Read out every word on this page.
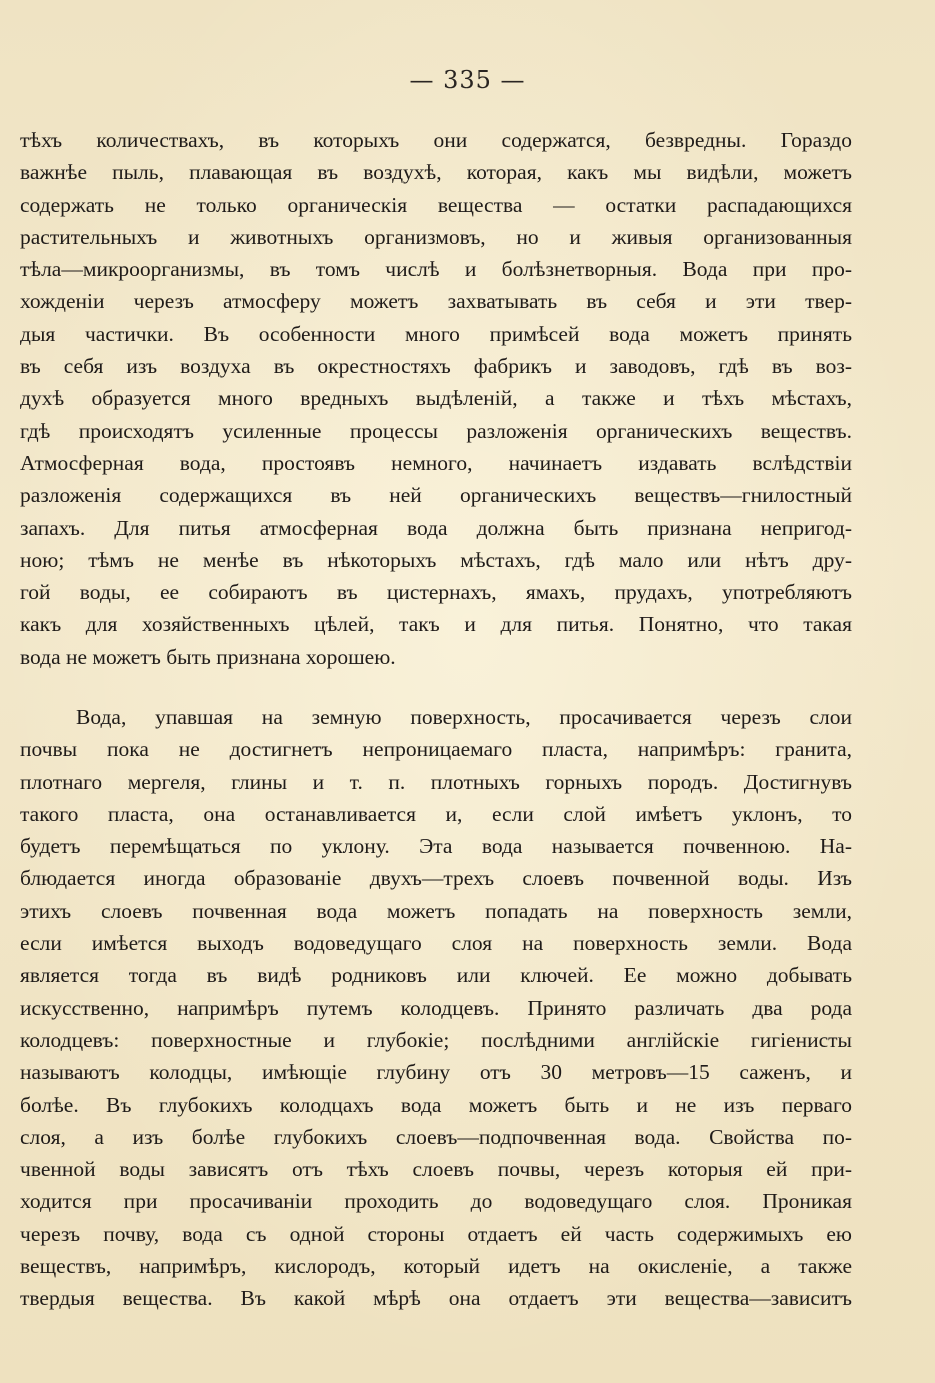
— 335 —
тѣхъ количествахъ, въ которыхъ они содержатся, безвредны. Гораздо
важнѣе пыль, плавающая въ воздухѣ, которая, какъ мы видѣли, можетъ
содержать не только органическія вещества — остатки распадающихся
растительныхъ и животныхъ организмовъ, но и живыя организованныя
тѣла—микроорганизмы, въ томъ числѣ и болѣзнетворныя. Вода при про-
хожденiи черезъ атмосферу можетъ захватывать въ себя и эти твер-
дыя частички. Въ особенности много примѣсей вода можетъ принять
въ себя изъ воздуха въ окрестностяхъ фабрикъ и заводовъ, гдѣ въ воз-
духѣ образуется много вредныхъ выдѣленій, а также и тѣхъ мѣстахъ,
гдѣ происходятъ усиленные процессы разложенія органическихъ веществъ.
Атмосферная вода, простоявъ немного, начинаетъ издавать вслѣдствіи
разложенія содержащихся въ ней органическихъ веществъ—гнилостный
запахъ. Для питья атмосферная вода должна быть признана непригод-
ною; тѣмъ не менѣе въ нѣкоторыхъ мѣстахъ, гдѣ мало или нѣтъ дру-
гой воды, ее собираютъ въ цистернахъ, ямахъ, прудахъ, употребляютъ
какъ для хозяйственныхъ цѣлей, такъ и для питья. Понятно, что такая
вода не можетъ быть признана хорошею.
Вода, упавшая на земную поверхность, просачивается черезъ слои
почвы пока не достигнетъ непроницаемаго пласта, напримѣръ: гранита,
плотнаго мергеля, глины и т. п. плотныхъ горныхъ породъ. Достигнувъ
такого пласта, она останавливается и, если слой имѣетъ уклонъ, то
будетъ перемѣщаться по уклону. Эта вода называется почвенною. На-
блюдается иногда образованіе двухъ—трехъ слоевъ почвенной воды. Изъ
этихъ слоевъ почвенная вода можетъ попадать на поверхность земли,
если имѣется выходъ водоведущаго слоя на поверхность земли. Вода
является тогда въ видѣ родниковъ или ключей. Ее можно добывать
искусственно, напримѣръ путемъ колодцевъ. Принято различать два рода
колодцевъ: поверхностные и глубокіе; послѣдними англійскіе гигіенисты
называютъ колодцы, имѣющіе глубину отъ 30 метровъ—15 саженъ, и
болѣе. Въ глубокихъ колодцахъ вода можетъ быть и не изъ перваго
слоя, а изъ болѣе глубокихъ слоевъ—подпочвенная вода. Свойства по-
чвенной воды зависятъ отъ тѣхъ слоевъ почвы, черезъ которыя ей при-
ходится при просачиваніи проходить до водоведущаго слоя. Проникая
черезъ почву, вода съ одной стороны отдаетъ ей часть содержимыхъ ею
веществъ, напримѣръ, кислородъ, который идетъ на окисленіе, а также
твердыя вещества. Въ какой мѣрѣ она отдаетъ эти вещества—зависитъ
